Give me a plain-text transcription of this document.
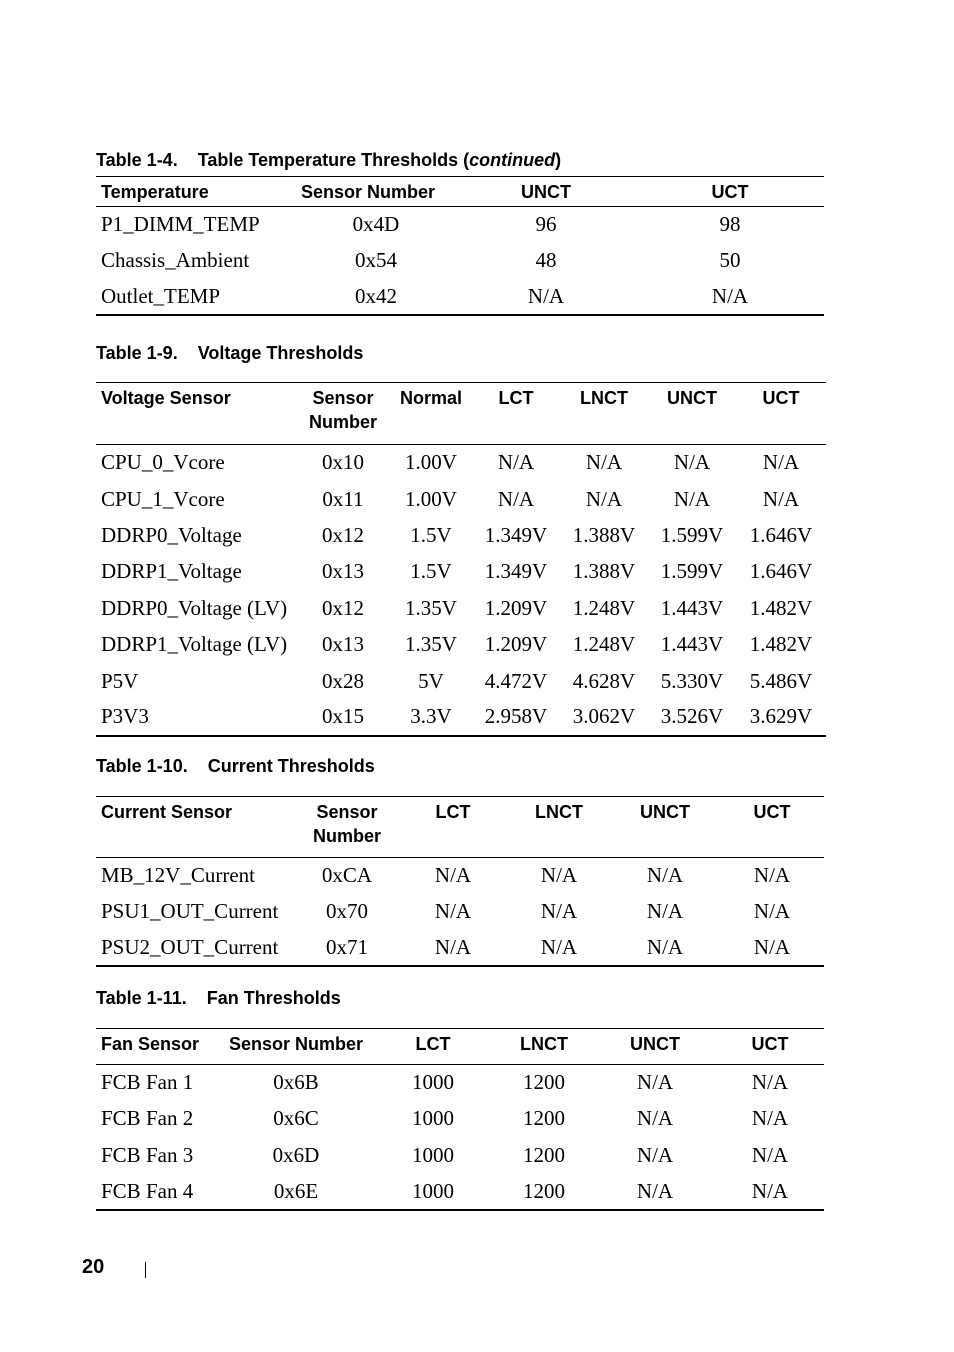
Table 1-4. Table Temperature Thresholds (continued)
Temperature	Sensor Number	UNCT	UCT
P1_DIMM_TEMP	0x4D	96	98
Chassis_Ambient	0x54	48	50
Outlet_TEMP	0x42	N/A	N/A
Table 1-9. Voltage Thresholds
Voltage Sensor	Sensor Number	Normal	LCT	LNCT	UNCT	UCT
CPU_0_Vcore	0x10	1.00V	N/A	N/A	N/A	N/A
CPU_1_Vcore	0x11	1.00V	N/A	N/A	N/A	N/A
DDRP0_Voltage	0x12	1.5V	1.349V	1.388V	1.599V	1.646V
DDRP1_Voltage	0x13	1.5V	1.349V	1.388V	1.599V	1.646V
DDRP0_Voltage (LV)	0x12	1.35V	1.209V	1.248V	1.443V	1.482V
DDRP1_Voltage (LV)	0x13	1.35V	1.209V	1.248V	1.443V	1.482V
P5V	0x28	5V	4.472V	4.628V	5.330V	5.486V
P3V3	0x15	3.3V	2.958V	3.062V	3.526V	3.629V
Table 1-10. Current Thresholds
Current Sensor	Sensor Number	LCT	LNCT	UNCT	UCT
MB_12V_Current	0xCA	N/A	N/A	N/A	N/A
PSU1_OUT_Current	0x70	N/A	N/A	N/A	N/A
PSU2_OUT_Current	0x71	N/A	N/A	N/A	N/A
Table 1-11. Fan Thresholds
Fan Sensor	Sensor Number	LCT	LNCT	UNCT	UCT
FCB Fan 1	0x6B	1000	1200	N/A	N/A
FCB Fan 2	0x6C	1000	1200	N/A	N/A
FCB Fan 3	0x6D	1000	1200	N/A	N/A
FCB Fan 4	0x6E	1000	1200	N/A	N/A
20
